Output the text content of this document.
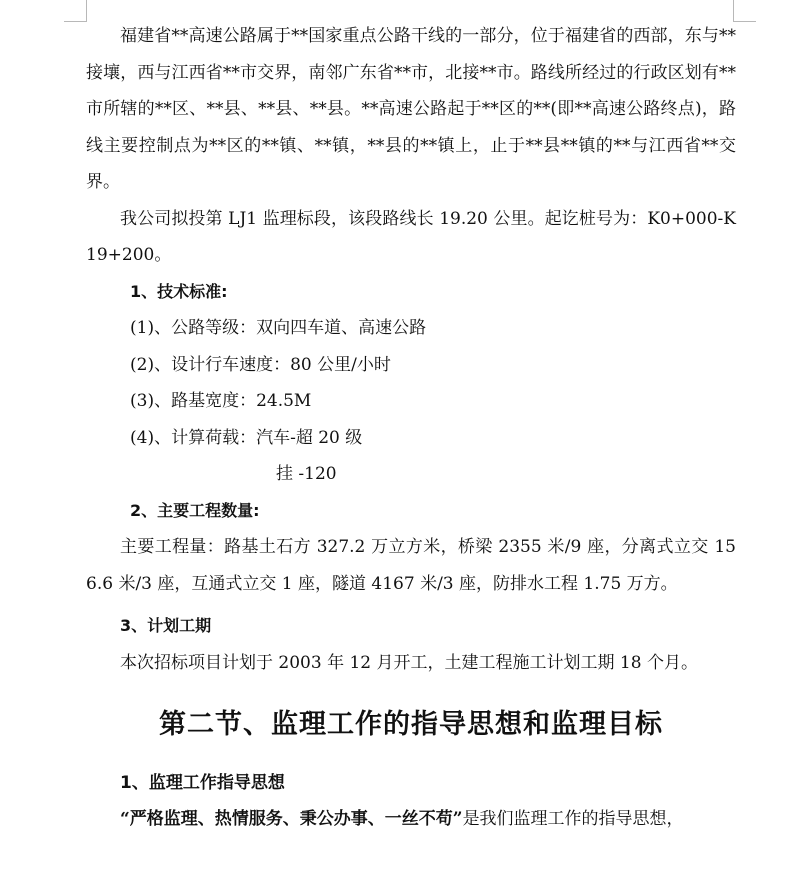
福建省**高速公路属于**国家重点公路干线的一部分，位于福建省的西部，东与**接壤，西与江西省**市交界，南邻广东省**市，北接**市。路线所经过的行政区划有**市所辖的**区、**县、**县、**县。**高速公路起于**区的**(即**高速公路终点)，路线主要控制点为**区的**镇、**镇，**县的**镇上，止于**县**镇的**与江西省**交界。

我公司拟投第 LJ1 监理标段，该段路线长 19.20 公里。起讫桩号为：K0+000-K19+200。

1、技术标准:

(1)、公路等级：双向四车道、高速公路

(2)、设计行车速度：80 公里/小时

(3)、路基宽度：24.5M

(4)、计算荷载：汽车-超 20 级

挂 -120

2、主要工程数量:

主要工程量：路基土石方 327.2 万立方米，桥梁 2355 米/9 座，分离式立交 156.6 米/3 座，互通式立交 1 座，隧道 4167 米/3 座，防排水工程 1.75 万方。

3、计划工期

本次招标项目计划于 2003 年 12 月开工，土建工程施工计划工期 18 个月。

第二节、监理工作的指导思想和监理目标

1、监理工作指导思想

“严格监理、热情服务、秉公办事、一丝不苟”是我们监理工作的指导思想，
